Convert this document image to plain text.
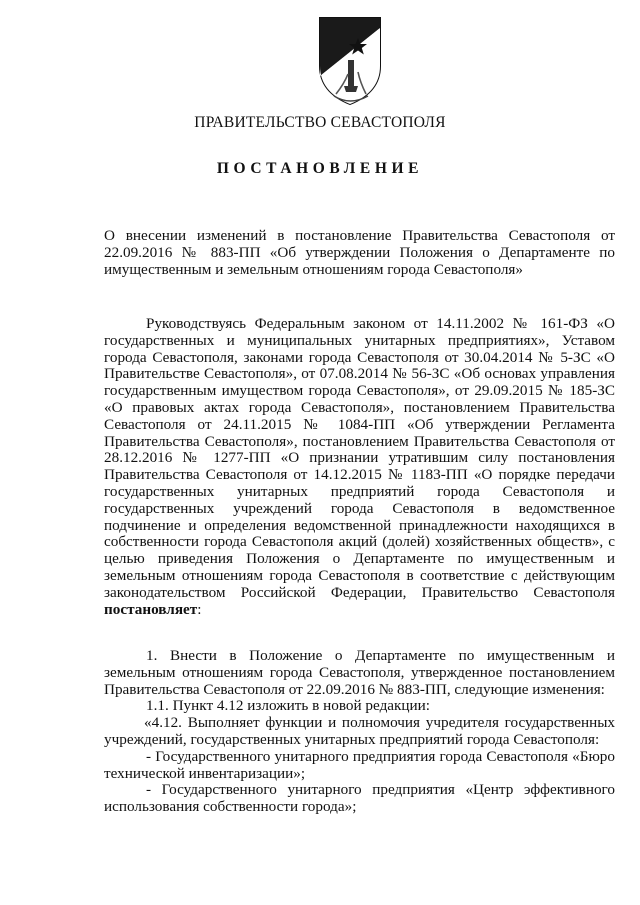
ПРАВИТЕЛЬСТВО СЕВАСТОПОЛЯ
ПОСТАНОВЛЕНИЕ

О внесении изменений в постановление Правительства Севастополя от 22.09.2016 № 883-ПП «Об утверждении Положения о Департаменте по имущественным и земельным отношениям города Севастополя»

Руководствуясь Федеральным законом от 14.11.2002 № 161-ФЗ «О государственных и муниципальных унитарных предприятиях», Уставом города Севастополя, законами города Севастополя от 30.04.2014 № 5-ЗС «О Правительстве Севастополя», от 07.08.2014 № 56-ЗС «Об основах управления государственным имуществом города Севастополя», от 29.09.2015 № 185-ЗС «О правовых актах города Севастополя», постановлением Правительства Севастополя от 24.11.2015 № 1084-ПП «Об утверждении Регламента Правительства Севастополя», постановлением Правительства Севастополя от 28.12.2016 № 1277-ПП «О признании утратившим силу постановления Правительства Севастополя от 14.12.2015 № 1183-ПП «О порядке передачи государственных унитарных предприятий города Севастополя и государственных учреждений города Севастополя в ведомственное подчинение и определения ведомственной принадлежности находящихся в собственности города Севастополя акций (долей) хозяйственных обществ», с целью приведения Положения о Департаменте по имущественным и земельным отношениям города Севастополя в соответствие с действующим законодательством Российской Федерации, Правительство Севастополя постановляет:

1. Внести в Положение о Департаменте по имущественным и земельным отношениям города Севастополя, утвержденное постановлением Правительства Севастополя от 22.09.2016 № 883-ПП, следующие изменения:

1.1. Пункт 4.12 изложить в новой редакции:

«4.12. Выполняет функции и полномочия учредителя государственных учреждений, государственных унитарных предприятий города Севастополя:

- Государственного унитарного предприятия города Севастополя «Бюро технической инвентаризации»;

- Государственного унитарного предприятия «Центр эффективного использования собственности города»;
